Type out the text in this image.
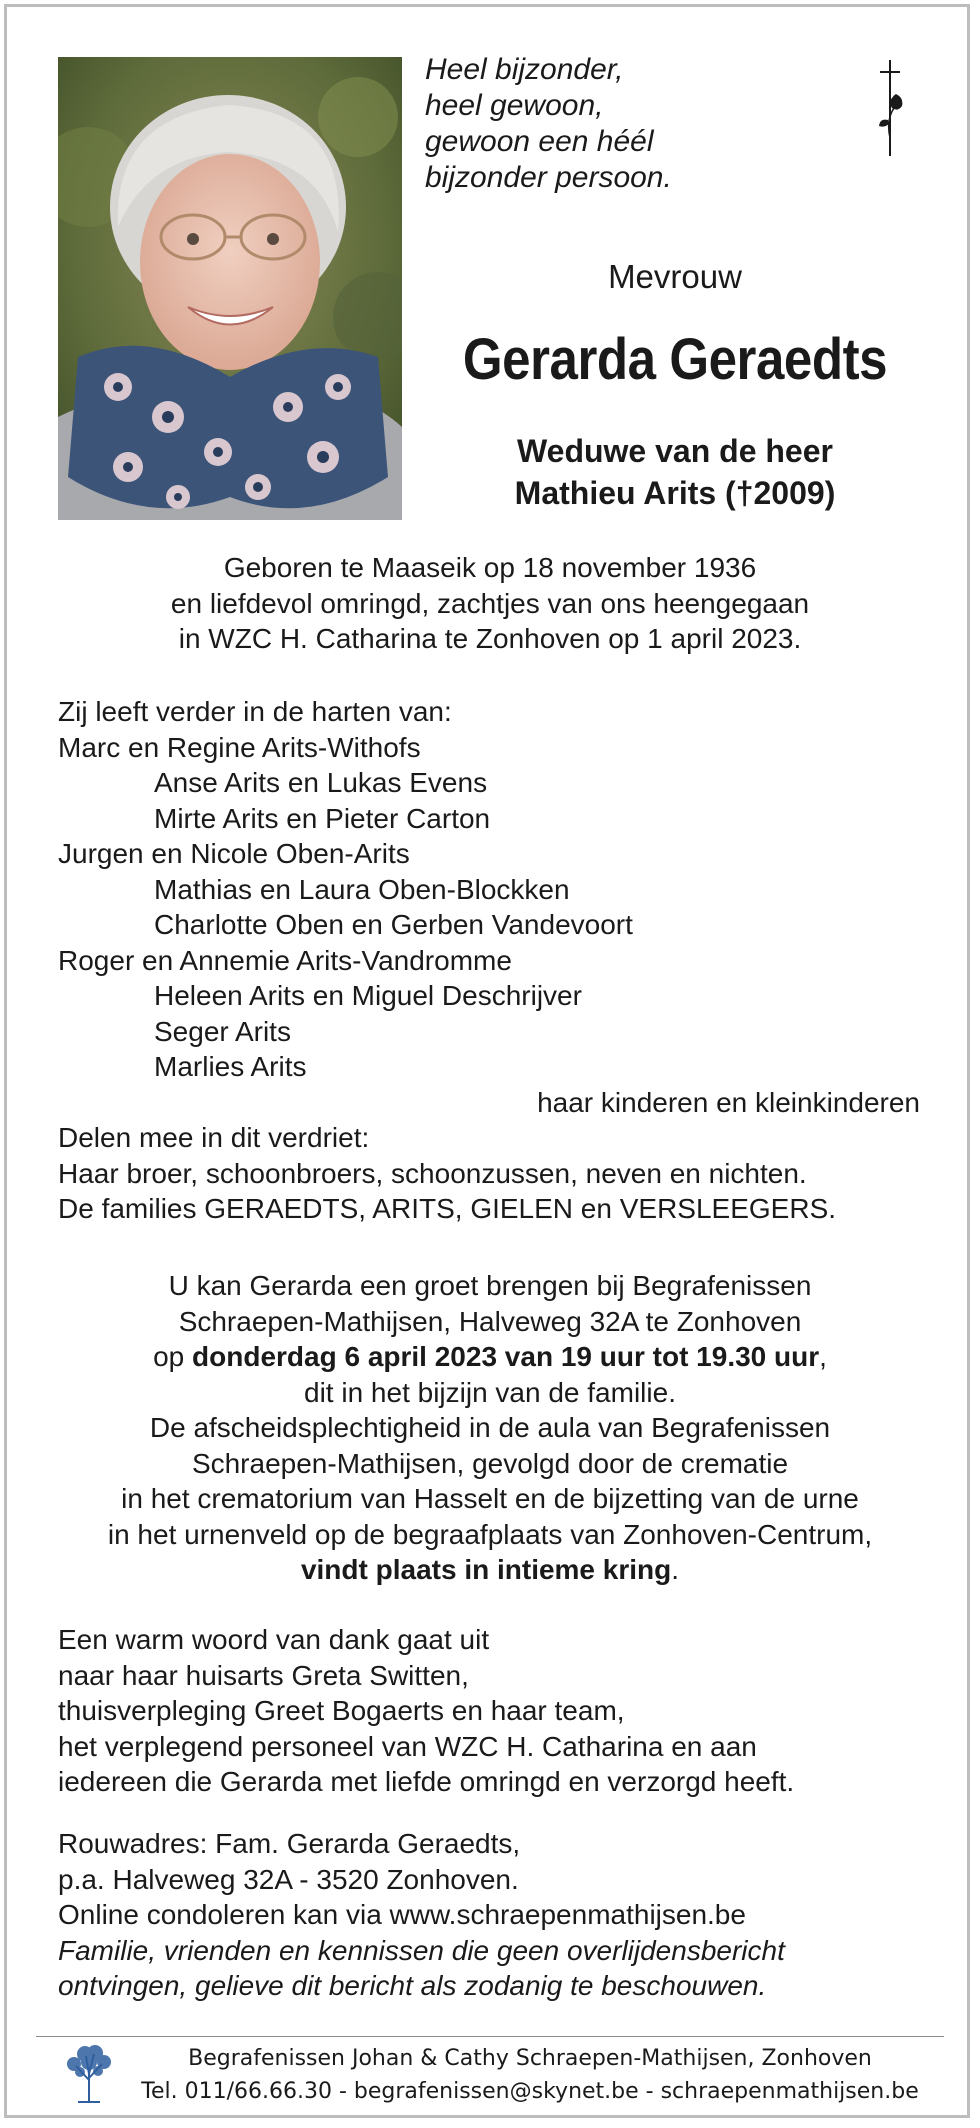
Heel bijzonder,
heel gewoon,
gewoon een héél
bijzonder persoon.
Mevrouw
Gerarda Geraedts
Weduwe van de heer
Mathieu Arits (†2009)
Geboren te Maaseik op 18 november 1936
en liefdevol omringd, zachtjes van ons heengegaan
in WZC H. Catharina te Zonhoven op 1 april 2023.
Zij leeft verder in de harten van:
Marc en Regine Arits-Withofs
Anse Arits en Lukas Evens
Mirte Arits en Pieter Carton
Jurgen en Nicole Oben-Arits
Mathias en Laura Oben-Blockken
Charlotte Oben en Gerben Vandevoort
Roger en Annemie Arits-Vandromme
Heleen Arits en Miguel Deschrijver
Seger Arits
Marlies Arits
haar kinderen en kleinkinderen
Delen mee in dit verdriet:
Haar broer, schoonbroers, schoonzussen, neven en nichten.
De families GERAEDTS, ARITS, GIELEN en VERSLEEGERS.
U kan Gerarda een groet brengen bij Begrafenissen
Schraepen-Mathijsen, Halveweg 32A te Zonhoven
op donderdag 6 april 2023 van 19 uur tot 19.30 uur,
dit in het bijzijn van de familie.
De afscheidsplechtigheid in de aula van Begrafenissen
Schraepen-Mathijsen, gevolgd door de crematie
in het crematorium van Hasselt en de bijzetting van de urne
in het urnenveld op de begraafplaats van Zonhoven-Centrum,
vindt plaats in intieme kring.
Een warm woord van dank gaat uit
naar haar huisarts Greta Switten,
thuisverpleging Greet Bogaerts en haar team,
het verplegend personeel van WZC H. Catharina en aan
iedereen die Gerarda met liefde omringd en verzorgd heeft.
Rouwadres: Fam. Gerarda Geraedts,
p.a. Halveweg 32A - 3520 Zonhoven.
Online condoleren kan via www.schraepenmathijsen.be
Familie, vrienden en kennissen die geen overlijdensbericht
ontvingen, gelieve dit bericht als zodanig te beschouwen.
Begrafenissen Johan & Cathy Schraepen-Mathijsen, Zonhoven
Tel. 011/66.66.30 - begrafenissen@skynet.be - schraepenmathijsen.be
